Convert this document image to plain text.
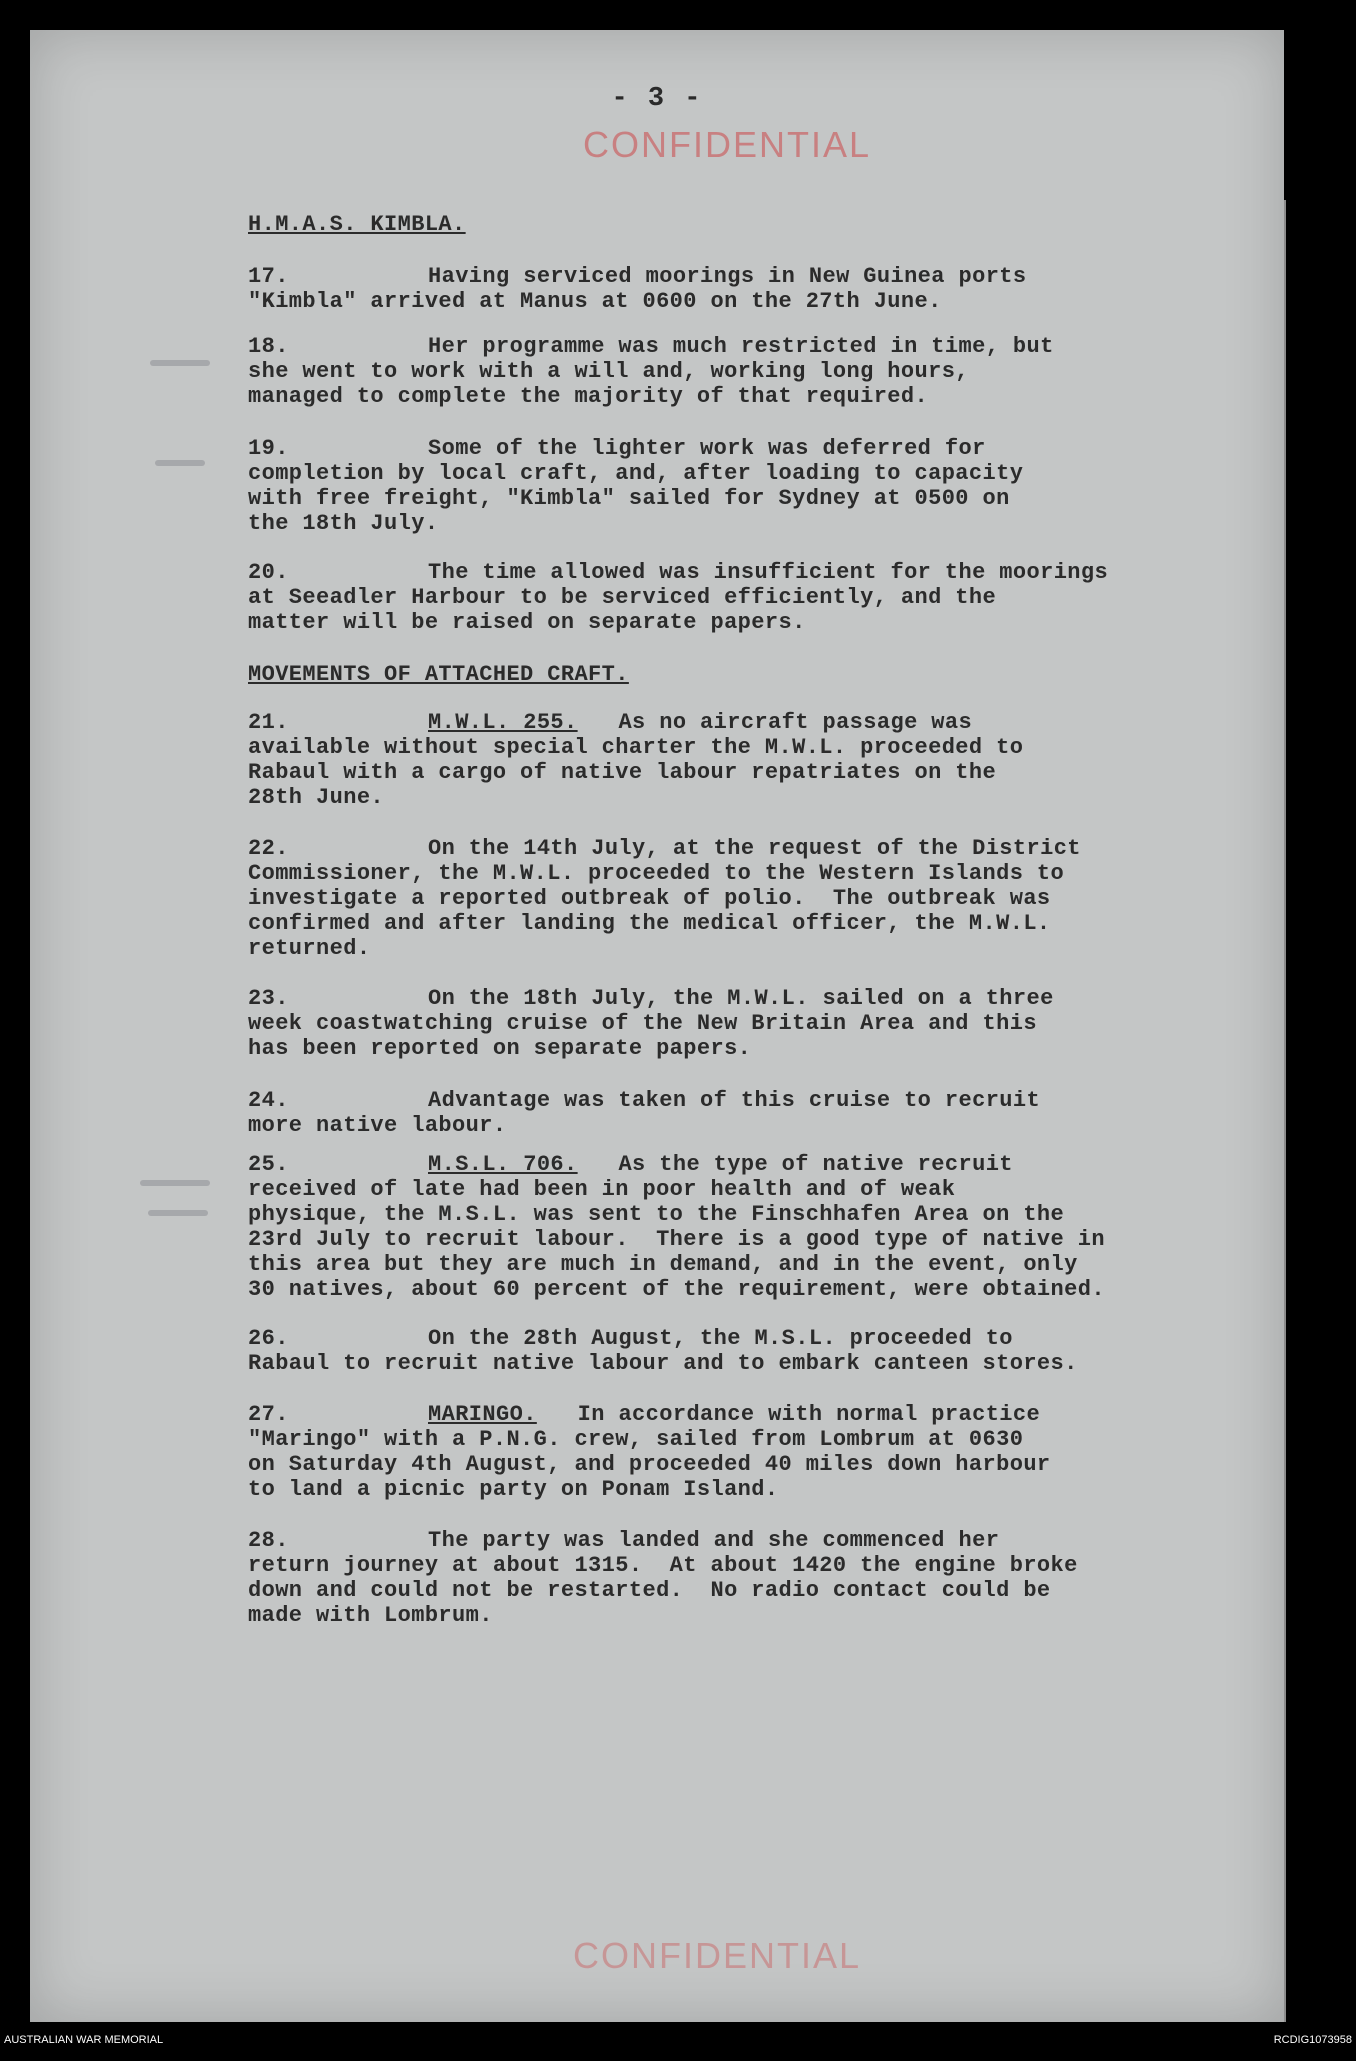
- 3 -
CONFIDENTIAL
H.M.A.S. KIMBLA.

17.	Having serviced moorings in New Guinea ports

"Kimbla" arrived at Manus at 0600 on the 27th June.

18.	Her programme was much restricted in time, but

she went to work with a will and, working long hours,

managed to complete the majority of that required.

19.	Some of the lighter work was deferred for

completion by local craft, and, after loading to capacity

with free freight, "Kimbla" sailed for Sydney at 0500 on

the 18th July.

20.	The time allowed was insufficient for the moorings

at Seeadler Harbour to be serviced efficiently, and the

matter will be raised on separate papers.

MOVEMENTS OF ATTACHED CRAFT.

21.	M.W.L. 255. As no aircraft passage was

available without special charter the M.W.L. proceeded to

Rabaul with a cargo of native labour repatriates on the

28th June.

22.	On the 14th July, at the request of the District

Commissioner, the M.W.L. proceeded to the Western Islands to

investigate a reported outbreak of polio.  The outbreak was

confirmed and after landing the medical officer, the M.W.L.

returned.

23.	On the 18th July, the M.W.L. sailed on a three

week coastwatching cruise of the New Britain Area and this

has been reported on separate papers.

24.	Advantage was taken of this cruise to recruit

more native labour.

25.	M.S.L. 706. As the type of native recruit

received of late had been in poor health and of weak

physique, the M.S.L. was sent to the Finschhafen Area on the

23rd July to recruit labour.  There is a good type of native in

this area but they are much in demand, and in the event, only

30 natives, about 60 percent of the requirement, were obtained.

26.	On the 28th August, the M.S.L. proceeded to

Rabaul to recruit native labour and to embark canteen stores.

27.	MARINGO. In accordance with normal practice

"Maringo" with a P.N.G. crew, sailed from Lombrum at 0630

on Saturday 4th August, and proceeded 40 miles down harbour

to land a picnic party on Ponam Island.

28.	The party was landed and she commenced her

return journey at about 1315.  At about 1420 the engine broke

down and could not be restarted.  No radio contact could be

made with Lombrum.

CONFIDENTIAL
AUSTRALIAN WAR MEMORIAL	RCDIG1073958
